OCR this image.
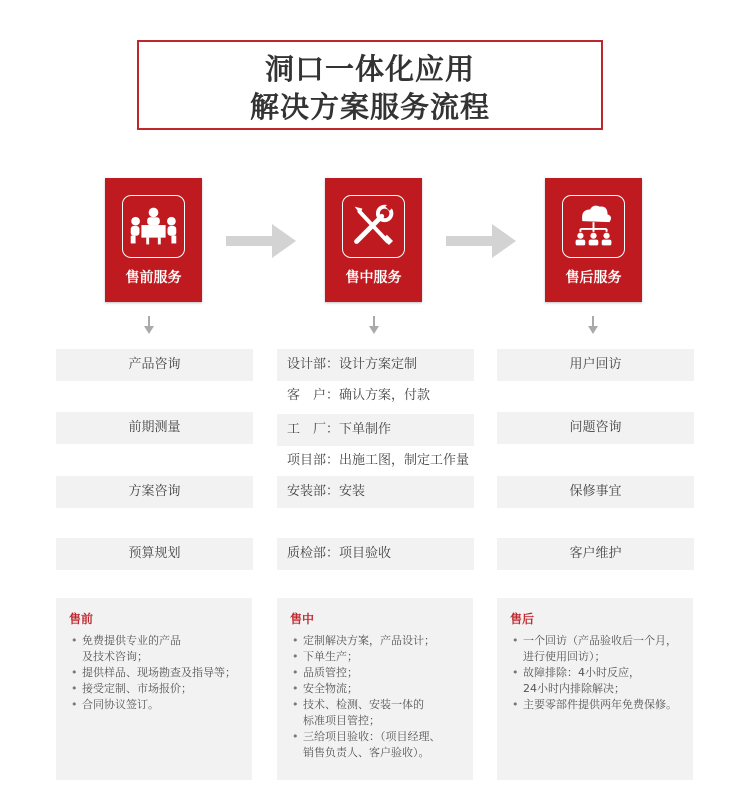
洞口一体化应用
解决方案服务流程
售前服务	售中服务	售后服务
产品咨询
前期测量
方案咨询
预算规划
设计部：设计方案定制
客　户：确认方案，付款
工　厂：下单制作
项目部：出施工图，制定工作量
安装部：安装
质检部：项目验收
用户回访
问题咨询
保修事宜
客户维护
售前
• 免费提供专业的产品
及技术咨询；
• 提供样品、现场勘查及指导等；
• 接受定制、市场报价；
• 合同协议签订。
售中
• 定制解决方案，产品设计；
• 下单生产；
• 品质管控；
• 安全物流；
• 技术、检测、安装一体的
标准项目管控；
• 三给项目验收：（项目经理、
销售负责人、客户验收）。
售后
• 一个回访（产品验收后一个月，
进行使用回访）；
• 故障排除：4小时反应，
24小时内排除解决；
• 主要零部件提供两年免费保修。
